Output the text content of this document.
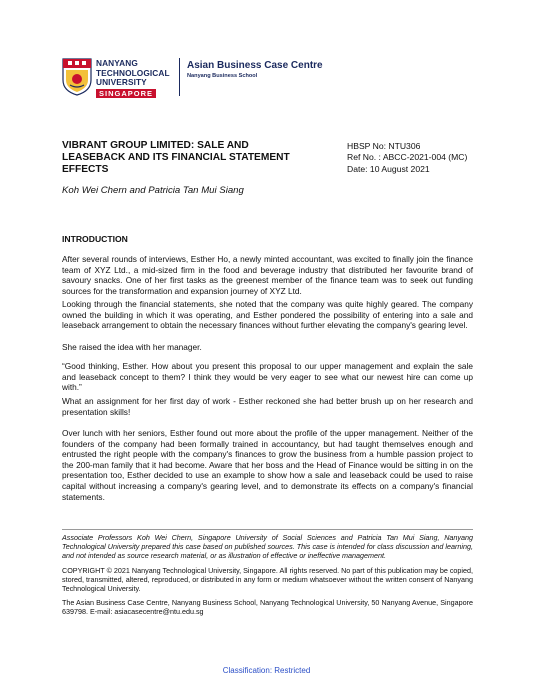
NANYANG
TECHNOLOGICAL
UNIVERSITY
SINGAPORE
Asian Business Case Centre
Nanyang Business School
VIBRANT GROUP LIMITED: SALE AND LEASEBACK AND ITS FINANCIAL STATEMENT EFFECTS
HBSP No: NTU306
Ref No. : ABCC-2021-004 (MC)
Date: 10 August 2021
Koh Wei Chern and Patricia Tan Mui Siang
INTRODUCTION
After several rounds of interviews, Esther Ho, a newly minted accountant, was excited to finally join the finance team of XYZ Ltd., a mid-sized firm in the food and beverage industry that distributed her favourite brand of savoury snacks. One of her first tasks as the greenest member of the finance team was to seek out funding sources for the transformation and expansion journey of XYZ Ltd.
Looking through the financial statements, she noted that the company was quite highly geared. The company owned the building in which it was operating, and Esther pondered the possibility of entering into a sale and leaseback arrangement to obtain the necessary finances without further elevating the company's gearing level.
She raised the idea with her manager.
“Good thinking, Esther. How about you present this proposal to our upper management and explain the sale and leaseback concept to them? I think they would be very eager to see what our newest hire can come up with.”
What an assignment for her first day of work - Esther reckoned she had better brush up on her research and presentation skills!
Over lunch with her seniors, Esther found out more about the profile of the upper management. Neither of the founders of the company had been formally trained in accountancy, but had taught themselves enough and entrusted the right people with the company's finances to grow the business from a humble passion project to the 200-man family that it had become. Aware that her boss and the Head of Finance would be sitting in on the presentation too, Esther decided to use an example to show how a sale and leaseback could be used to raise capital without increasing a company's gearing level, and to demonstrate its effects on a company's financial statements.
Associate Professors Koh Wei Chern, Singapore University of Social Sciences and Patricia Tan Mui Siang, Nanyang Technological University prepared this case based on published sources. This case is intended for class discussion and learning, and not intended as source research material, or as illustration of effective or ineffective management.
COPYRIGHT © 2021 Nanyang Technological University, Singapore. All rights reserved. No part of this publication may be copied, stored, transmitted, altered, reproduced, or distributed in any form or medium whatsoever without the written consent of Nanyang Technological University.
The Asian Business Case Centre, Nanyang Business School, Nanyang Technological University, 50 Nanyang Avenue, Singapore 639798. E-mail: asiacasecentre@ntu.edu.sg
Classification: Restricted
